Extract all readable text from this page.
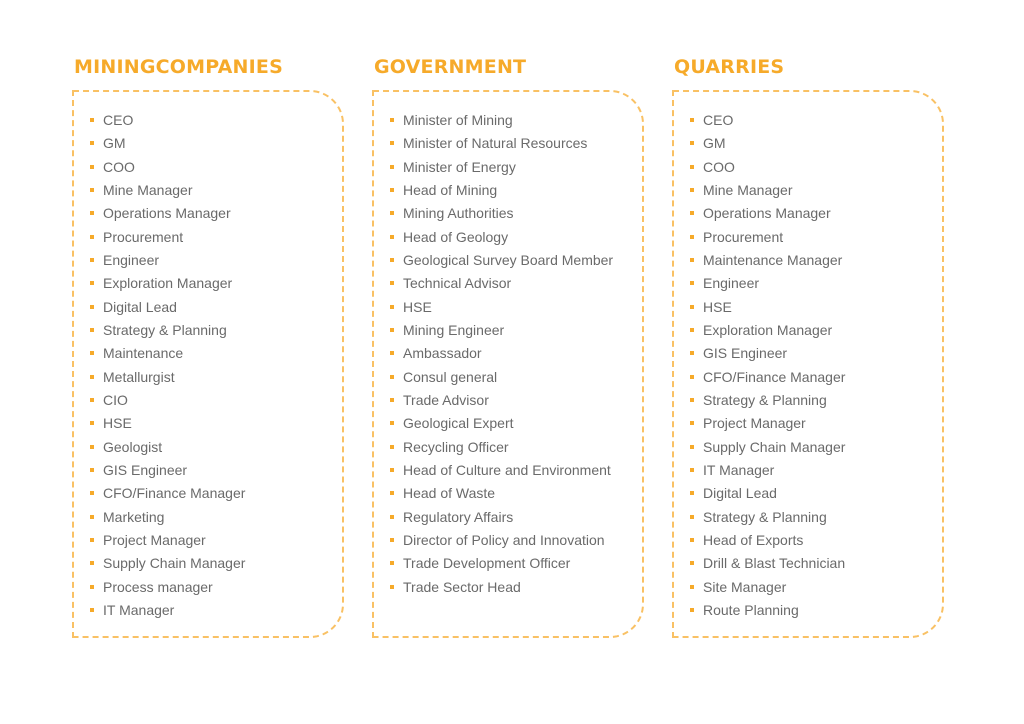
MININGCOMPANIES
CEO
GM
COO
Mine Manager
Operations Manager
Procurement
Engineer
Exploration Manager
Digital Lead
Strategy & Planning
Maintenance
Metallurgist
CIO
HSE
Geologist
GIS Engineer
CFO/Finance Manager
Marketing
Project Manager
Supply Chain Manager
Process manager
IT Manager
GOVERNMENT
Minister of Mining
Minister of Natural Resources
Minister of Energy
Head of Mining
Mining Authorities
Head of Geology
Geological Survey Board Member
Technical Advisor
HSE
Mining Engineer
Ambassador
Consul general
Trade Advisor
Geological Expert
Recycling Officer
Head of Culture and Environment
Head of Waste
Regulatory Affairs
Director of Policy and Innovation
Trade Development Officer
Trade Sector Head
QUARRIES
CEO
GM
COO
Mine Manager
Operations Manager
Procurement
Maintenance Manager
Engineer
HSE
Exploration Manager
GIS Engineer
CFO/Finance Manager
Strategy & Planning
Project Manager
Supply Chain Manager
IT Manager
Digital Lead
Strategy & Planning
Head of Exports
Drill & Blast Technician
Site Manager
Route Planning
